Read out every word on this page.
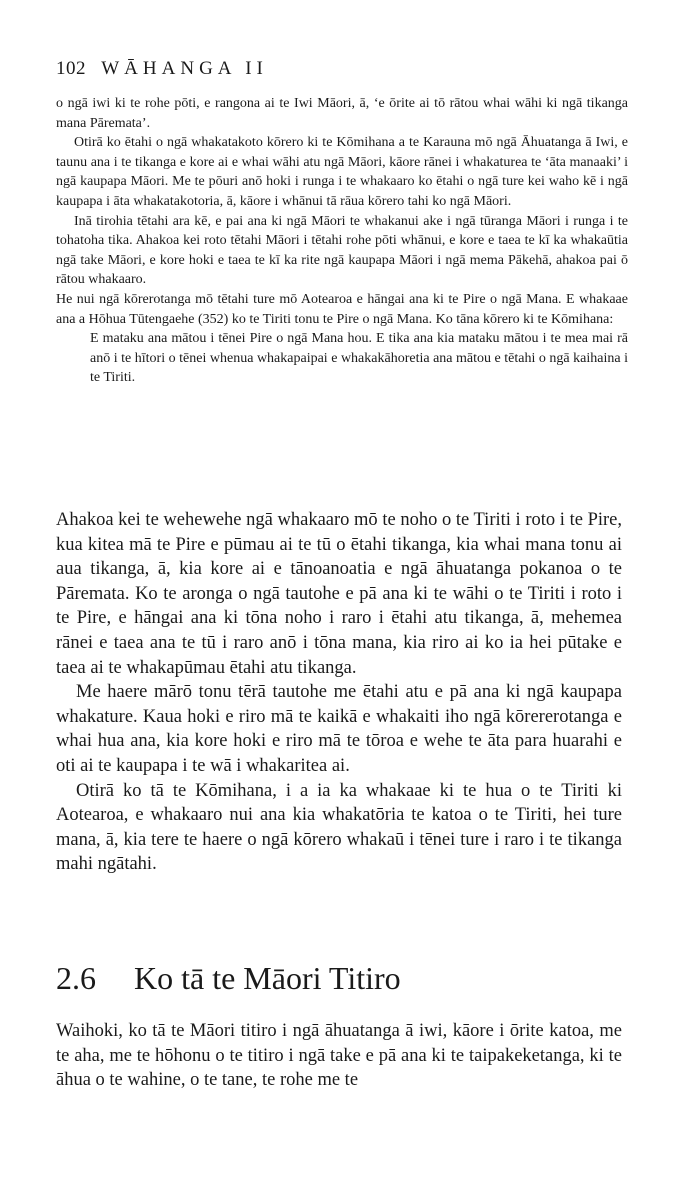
102 WĀHANGA II

o ngā iwi ki te rohe pōti, e rangona ai te Iwi Māori, ā, ‘e ōrite ai tō rātou whai wāhi ki ngā tikanga mana Pāremata’.

Otirā ko ētahi o ngā whakatakoto kōrero ki te Kōmihana a te Karauna mō ngā Āhuatanga ā Iwi, e taunu ana i te tikanga e kore ai e whai wāhi atu ngā Māori, kāore rānei i whakaturea te ‘āta manaaki’ i ngā kaupapa Māori. Me te pōuri anō hoki i runga i te whakaaro ko ētahi o ngā ture kei waho kē i ngā kaupapa i āta whakatakotoria, ā, kāore i whānui tā rāua kōrero tahi ko ngā Māori.

Inā tirohia tētahi ara kē, e pai ana ki ngā Māori te whakanui ake i ngā tūranga Māori i runga i te tohatoha tika. Ahakoa kei roto tētahi Māori i tētahi rohe pōti whānui, e kore e taea te kī ka whakaūtia ngā take Māori, e kore hoki e taea te kī ka rite ngā kaupapa Māori i ngā mema Pākehā, ahakoa pai ō rātou whakaaro.

He nui ngā kōrerotanga mō tētahi ture mō Aotearoa e hāngai ana ki te Pire o ngā Mana. E whakaae ana a Hōhua Tūtengaehe (352) ko te Tiriti tonu te Pire o ngā Mana. Ko tāna kōrero ki te Kōmihana:

E mataku ana mātou i tēnei Pire o ngā Mana hou. E tika ana kia mataku mātou i te mea mai rā anō i te hītori o tēnei whenua whakapaipai e whakakāhoretia ana mātou e tētahi o ngā kaihaina i te Tiriti.

Ahakoa kei te wehewehe ngā whakaaro mō te noho o te Tiriti i roto i te Pire, kua kitea mā te Pire e pūmau ai te tū o ētahi tikanga, kia whai mana tonu ai aua tikanga, ā, kia kore ai e tānoanoatia e ngā āhuatanga pokanoa o te Pāremata. Ko te aronga o ngā tautohe e pā ana ki te wāhi o te Tiriti i roto i te Pire, e hāngai ana ki tōna noho i raro i ētahi atu tikanga, ā, mehemea rānei e taea ana te tū i raro anō i tōna mana, kia riro ai ko ia hei pūtake e taea ai te whakapūmau ētahi atu tikanga.

Me haere mārō tonu tērā tautohe me ētahi atu e pā ana ki ngā kaupapa whakature. Kaua hoki e riro mā te kaikā e whakaiti iho ngā kōrererotanga e whai hua ana, kia kore hoki e riro mā te tōroa e wehe te āta para huarahi e oti ai te kaupapa i te wā i whakaritea ai.

Otirā ko tā te Kōmihana, i a ia ka whakaae ki te hua o te Tiriti ki Aotearoa, e whakaaro nui ana kia whakatōria te katoa o te Tiriti, hei ture mana, ā, kia tere te haere o ngā kōrero whakaū i tēnei ture i raro i te tikanga mahi ngātahi.

2.6 Ko tā te Māori Titiro

Waihoki, ko tā te Māori titiro i ngā āhuatanga ā iwi, kāore i ōrite katoa, me te aha, me te hōhonu o te titiro i ngā take e pā ana ki te taipakeketanga, ki te āhua o te wahine, o te tane, te rohe me te
